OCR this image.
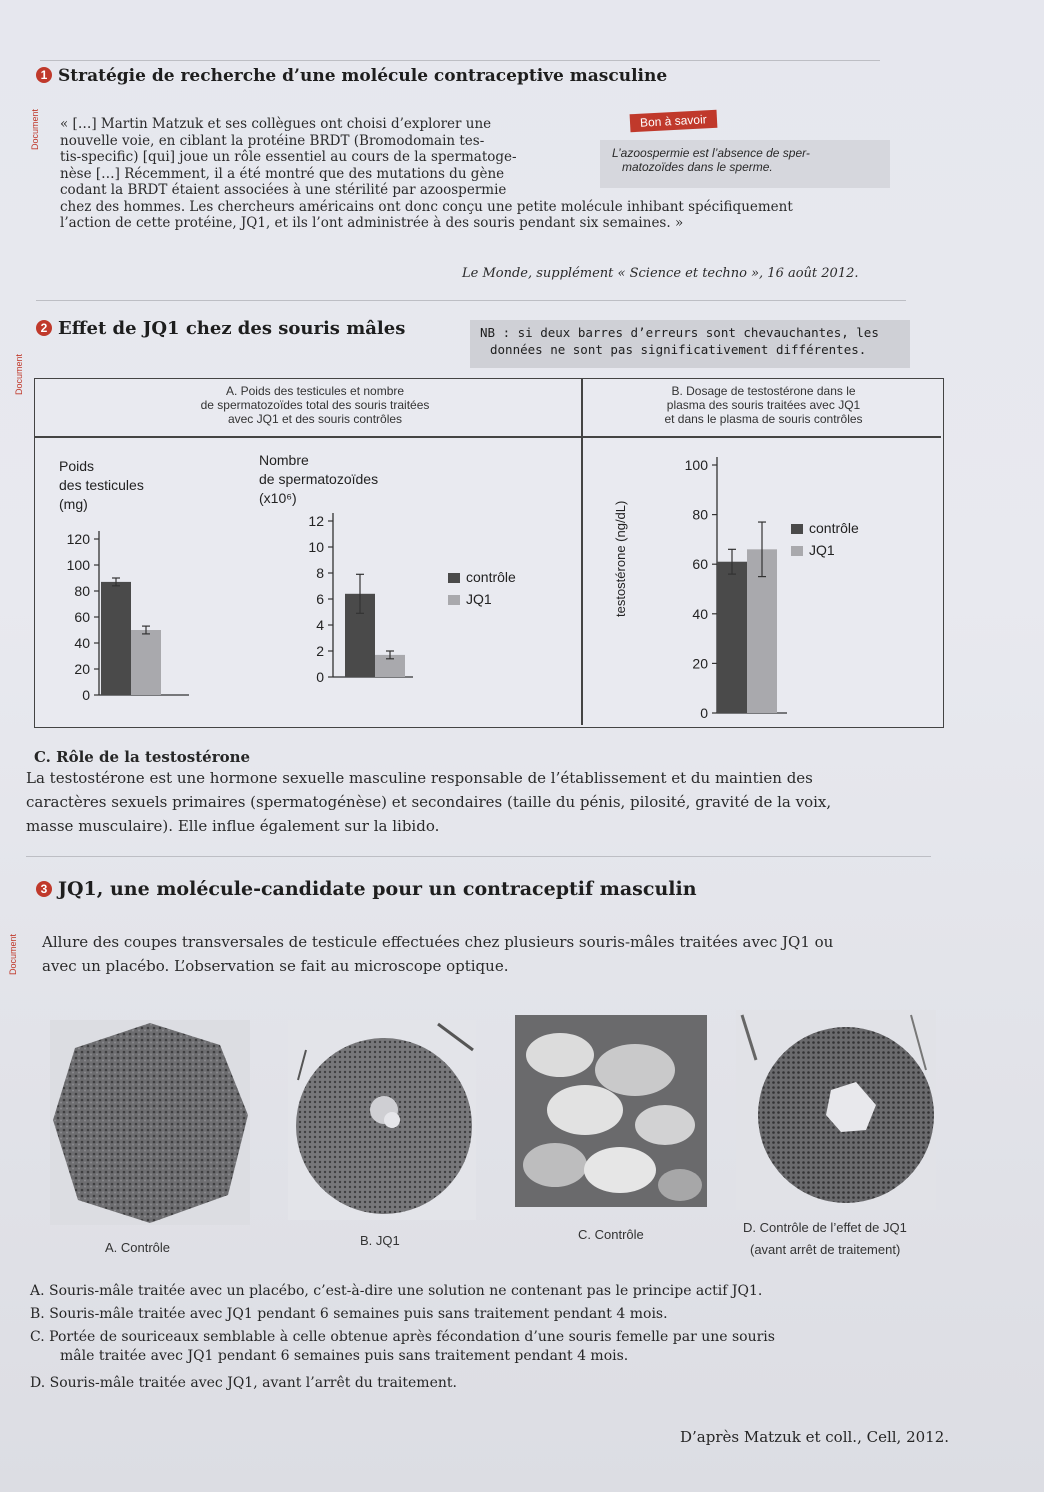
Document
1 Stratégie de recherche d’une molécule contraceptive masculine
« […] Martin Matzuk et ses collègues ont choisi d’explorer une
nouvelle voie, en ciblant la protéine BRDT (Bromodomain tes-
tis-specific) [qui] joue un rôle essentiel au cours de la spermatoge-
nèse […] Récemment, il a été montré que des mutations du gène
codant la BRDT étaient associées à une stérilité par azoospermie
chez des hommes. Les chercheurs américains ont donc conçu une petite molécule inhibant spécifiquement
l’action de cette protéine, JQ1, et ils l’ont administrée à des souris pendant six semaines. »
L’azoospermie est l’absence de sper-
matozoïdes dans le sperme.
Bon à savoir
Le Monde, supplément « Science et techno », 16 août 2012.
Document
2 Effet de JQ1 chez des souris mâles	NB : si deux barres d’erreurs sont chevauchantes, les
données ne sont pas significativement différentes.
A. Poids des testicules et nombre
de spermatozoïdes total des souris traitées
avec JQ1 et des souris contrôles
B. Dosage de testostérone dans le
plasma des souris traitées avec JQ1
et dans le plasma de souris contrôles
Poids
des testicules
(mg)
0
20
40
60
80
100
120
Nombre
de spermatozoïdes
(x10⁶)
0
2
4
6
8
10
12
contrôle
JQ1	testostérone (ng/dL)
0
20
40
60
80
100
contrôle
JQ1
C. Rôle de la testostérone
La testostérone est une hormone sexuelle masculine responsable de l’établissement et du maintien des
caractères sexuels primaires (spermatogénèse) et secondaires (taille du pénis, pilosité, gravité de la voix,
masse musculaire). Elle influe également sur la libido.
Document
3 JQ1, une molécule-candidate pour un contraceptif masculin
Allure des coupes transversales de testicule effectuées chez plusieurs souris-mâles traitées avec JQ1 ou
avec un placébo. L’observation se fait au microscope optique.
A. Contrôle	B. JQ1	C. Contrôle	D. Contrôle de l’effet de JQ1
(avant arrêt de traitement)
A. Souris-mâle traitée avec un placébo, c’est-à-dire une solution ne contenant pas le principe actif JQ1.
B. Souris-mâle traitée avec JQ1 pendant 6 semaines puis sans traitement pendant 4 mois.
C. Portée de souriceaux semblable à celle obtenue après fécondation d’une souris femelle par une souris
mâle traitée avec JQ1 pendant 6 semaines puis sans traitement pendant 4 mois.
D. Souris-mâle traitée avec JQ1, avant l’arrêt du traitement.
D’après Matzuk et coll., Cell, 2012.
